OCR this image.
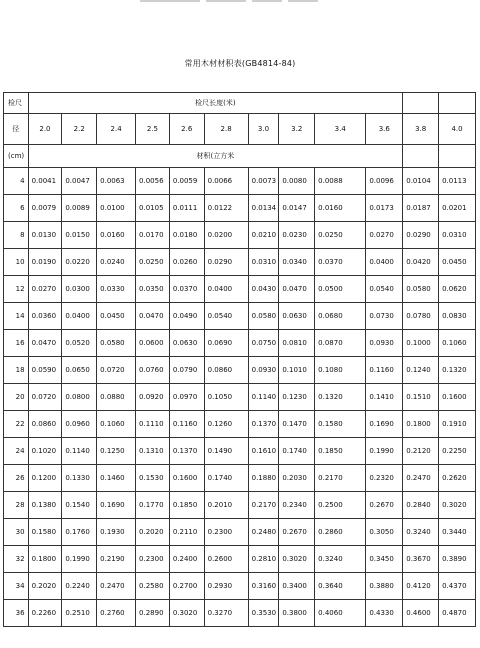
常用木材材积表(GB4814-84)
检尺	检尺长度(米)											
径	2.0	2.2	2.4	2.5	2.6	2.8	3.0	3.2	3.4	3.6	3.8	4.0
(cm)	材积(立方米											
4	0.0041	0.0047	0.0063	0.0056	0.0059	0.0066	0.0073	0.0080	0.0088	0.0096	0.0104	0.0113
6	0.0079	0.0089	0.0100	0.0105	0.0111	0.0122	0.0134	0.0147	0.0160	0.0173	0.0187	0.0201
8	0.0130	0.0150	0.0160	0.0170	0.0180	0.0200	0.0210	0.0230	0.0250	0.0270	0.0290	0.0310
10	0.0190	0.0220	0.0240	0.0250	0.0260	0.0290	0.0310	0.0340	0.0370	0.0400	0.0420	0.0450
12	0.0270	0.0300	0.0330	0.0350	0.0370	0.0400	0.0430	0.0470	0.0500	0.0540	0.0580	0.0620
14	0.0360	0.0400	0.0450	0.0470	0.0490	0.0540	0.0580	0.0630	0.0680	0.0730	0.0780	0.0830
16	0.0470	0.0520	0.0580	0.0600	0.0630	0.0690	0.0750	0.0810	0.0870	0.0930	0.1000	0.1060
18	0.0590	0.0650	0.0720	0.0760	0.0790	0.0860	0.0930	0.1010	0.1080	0.1160	0.1240	0.1320
20	0.0720	0.0800	0.0880	0.0920	0.0970	0.1050	0.1140	0.1230	0.1320	0.1410	0.1510	0.1600
22	0.0860	0.0960	0.1060	0.1110	0.1160	0.1260	0.1370	0.1470	0.1580	0.1690	0.1800	0.1910
24	0.1020	0.1140	0.1250	0.1310	0.1370	0.1490	0.1610	0.1740	0.1850	0.1990	0.2120	0.2250
26	0.1200	0.1330	0.1460	0.1530	0.1600	0.1740	0.1880	0.2030	0.2170	0.2320	0.2470	0.2620
28	0.1380	0.1540	0.1690	0.1770	0.1850	0.2010	0.2170	0.2340	0.2500	0.2670	0.2840	0.3020
30	0.1580	0.1760	0.1930	0.2020	0.2110	0.2300	0.2480	0.2670	0.2860	0.3050	0.3240	0.3440
32	0.1800	0.1990	0.2190	0.2300	0.2400	0.2600	0.2810	0.3020	0.3240	0.3450	0.3670	0.3890
34	0.2020	0.2240	0.2470	0.2580	0.2700	0.2930	0.3160	0.3400	0.3640	0.3880	0.4120	0.4370
36	0.2260	0.2510	0.2760	0.2890	0.3020	0.3270	0.3530	0.3800	0.4060	0.4330	0.4600	0.4870
